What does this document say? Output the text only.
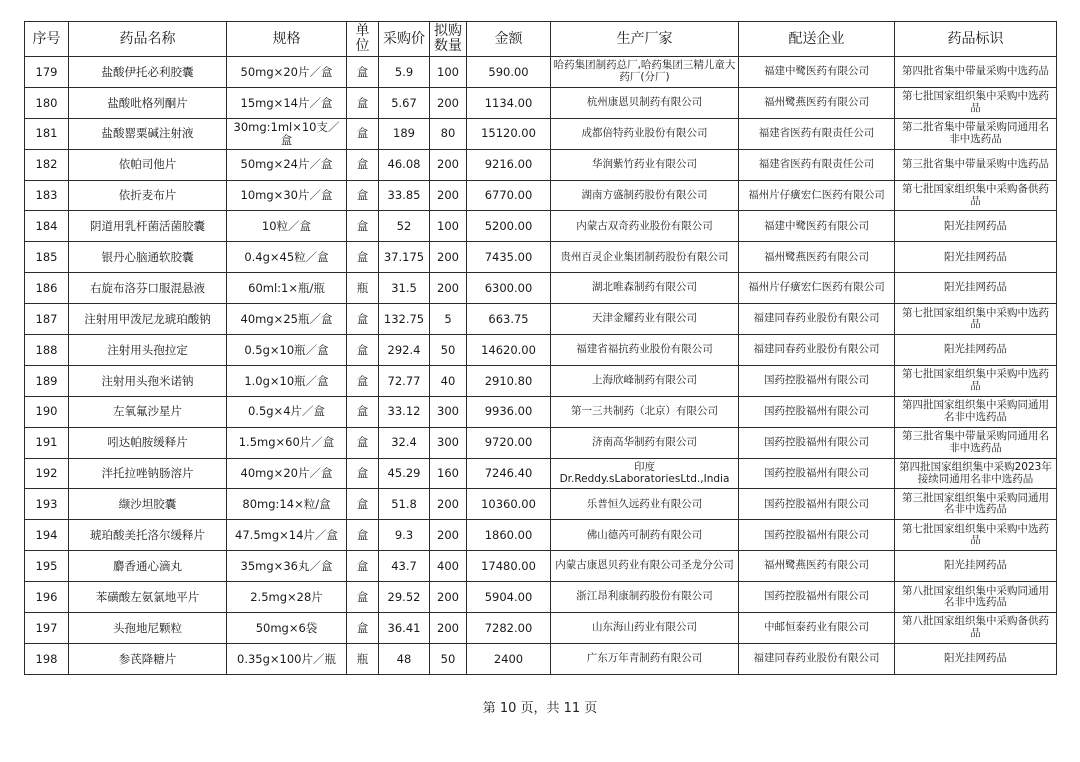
序号	药品名称	规格	单位	采购价	拟购数量	金额	生产厂家	配送企业	药品标识
179	盐酸伊托必利胶囊	50mg×20片／盒	盒	5.9	100	590.00	哈药集团制药总厂,哈药集团三精儿童大药厂(分厂)	福建中鹭医药有限公司	第四批省集中带量采购中选药品
180	盐酸吡格列酮片	15mg×14片／盒	盒	5.67	200	1134.00	杭州康恩贝制药有限公司	福州鹭燕医药有限公司	第七批国家组织集中采购中选药品
181	盐酸罂粟碱注射液	30mg:1ml×10支／盒	盒	189	80	15120.00	成都倍特药业股份有限公司	福建省医药有限责任公司	第二批省集中带量采购同通用名非中选药品
182	依帕司他片	50mg×24片／盒	盒	46.08	200	9216.00	华润紫竹药业有限公司	福建省医药有限责任公司	第三批省集中带量采购中选药品
183	依折麦布片	10mg×30片／盒	盒	33.85	200	6770.00	湖南方盛制药股份有限公司	福州片仔癀宏仁医药有限公司	第七批国家组织集中采购备供药品
184	阴道用乳杆菌活菌胶囊	10粒／盒	盒	52	100	5200.00	内蒙古双奇药业股份有限公司	福建中鹭医药有限公司	阳光挂网药品
185	银丹心脑通软胶囊	0.4g×45粒／盒	盒	37.175	200	7435.00	贵州百灵企业集团制药股份有限公司	福州鹭燕医药有限公司	阳光挂网药品
186	右旋布洛芬口服混悬液	60ml:1×瓶/瓶	瓶	31.5	200	6300.00	湖北唯森制药有限公司	福州片仔癀宏仁医药有限公司	阳光挂网药品
187	注射用甲泼尼龙琥珀酸钠	40mg×25瓶／盒	盒	132.75	5	663.75	天津金耀药业有限公司	福建同春药业股份有限公司	第七批国家组织集中采购中选药品
188	注射用头孢拉定	0.5g×10瓶／盒	盒	292.4	50	14620.00	福建省福抗药业股份有限公司	福建同春药业股份有限公司	阳光挂网药品
189	注射用头孢米诺钠	1.0g×10瓶／盒	盒	72.77	40	2910.80	上海欣峰制药有限公司	国药控股福州有限公司	第七批国家组织集中采购中选药品
190	左氧氟沙星片	0.5g×4片／盒	盒	33.12	300	9936.00	第一三共制药（北京）有限公司	国药控股福州有限公司	第四批国家组织集中采购同通用名非中选药品
191	吲达帕胺缓释片	1.5mg×60片／盒	盒	32.4	300	9720.00	济南高华制药有限公司	国药控股福州有限公司	第三批省集中带量采购同通用名非中选药品
192	泮托拉唑钠肠溶片	40mg×20片／盒	盒	45.29	160	7246.40	印度Dr.Reddy.sLaboratoriesLtd.,India	国药控股福州有限公司	第四批国家组织集中采购2023年接续同通用名非中选药品
193	缬沙坦胶囊	80mg:14×粒/盒	盒	51.8	200	10360.00	乐普恒久远药业有限公司	国药控股福州有限公司	第三批国家组织集中采购同通用名非中选药品
194	琥珀酸美托洛尔缓释片	47.5mg×14片／盒	盒	9.3	200	1860.00	佛山德芮可制药有限公司	国药控股福州有限公司	第七批国家组织集中采购中选药品
195	麝香通心滴丸	35mg×36丸／盒	盒	43.7	400	17480.00	内蒙古康恩贝药业有限公司圣龙分公司	福州鹭燕医药有限公司	阳光挂网药品
196	苯磺酸左氨氯地平片	2.5mg×28片	盒	29.52	200	5904.00	浙江昂利康制药股份有限公司	国药控股福州有限公司	第八批国家组织集中采购同通用名非中选药品
197	头孢地尼颗粒	50mg×6袋	盒	36.41	200	7282.00	山东海山药业有限公司	中邮恒泰药业有限公司	第八批国家组织集中采购备供药品
198	参芪降糖片	0.35g×100片／瓶	瓶	48	50	2400	广东万年青制药有限公司	福建同春药业股份有限公司	阳光挂网药品
第 10 页，共 11 页
